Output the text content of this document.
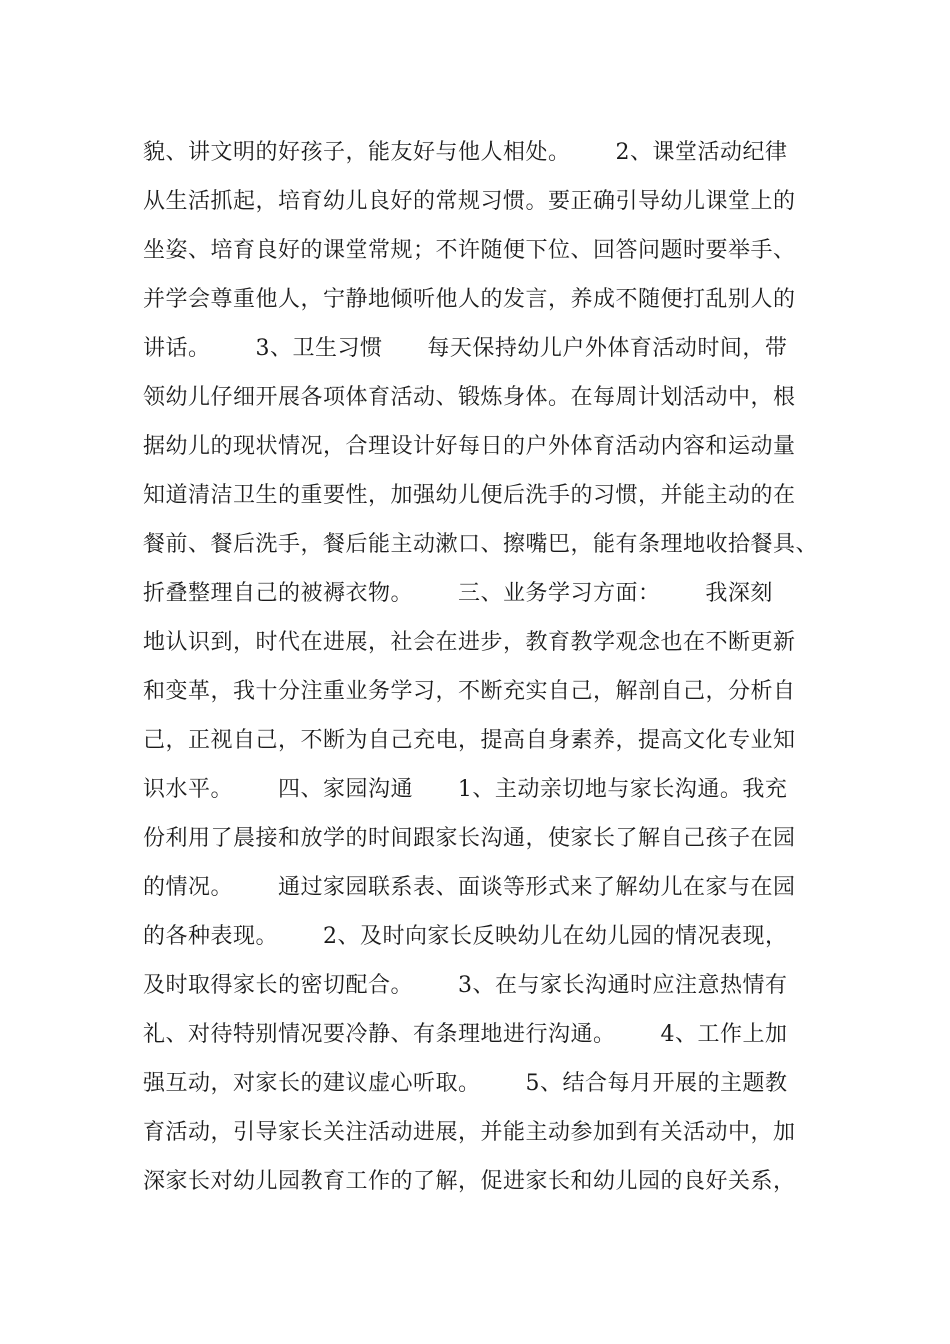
貌、讲文明的好孩子，能友好与他人相处。      2、课堂活动纪律
从生活抓起，培育幼儿良好的常规习惯。要正确引导幼儿课堂上的
坐姿、培育良好的课堂常规；不许随便下位、回答问题时要举手、
并学会尊重他人，宁静地倾听他人的发言，养成不随便打乱别人的
讲话。      3、卫生习惯      每天保持幼儿户外体育活动时间，带
领幼儿仔细开展各项体育活动、锻炼身体。在每周计划活动中，根
据幼儿的现状情况，合理设计好每日的户外体育活动内容和运动量
知道清洁卫生的重要性，加强幼儿便后洗手的习惯，并能主动的在
餐前、餐后洗手，餐后能主动漱口、擦嘴巴，能有条理地收拾餐具、
折叠整理自己的被褥衣物。      三、业务学习方面：      我深刻
地认识到，时代在进展，社会在进步，教育教学观念也在不断更新
和变革，我十分注重业务学习，不断充实自己，解剖自己，分析自
己，正视自己，不断为自己充电，提高自身素养，提高文化专业知
识水平。      四、家园沟通      1、主动亲切地与家长沟通。我充
份利用了晨接和放学的时间跟家长沟通，使家长了解自己孩子在园
的情况。      通过家园联系表、面谈等形式来了解幼儿在家与在园
的各种表现。      2、及时向家长反映幼儿在幼儿园的情况表现，
及时取得家长的密切配合。      3、在与家长沟通时应注意热情有
礼、对待特别情况要冷静、有条理地进行沟通。      4、工作上加
强互动，对家长的建议虚心听取。      5、结合每月开展的主题教
育活动，引导家长关注活动进展，并能主动参加到有关活动中，加
深家长对幼儿园教育工作的了解，促进家长和幼儿园的良好关系，
